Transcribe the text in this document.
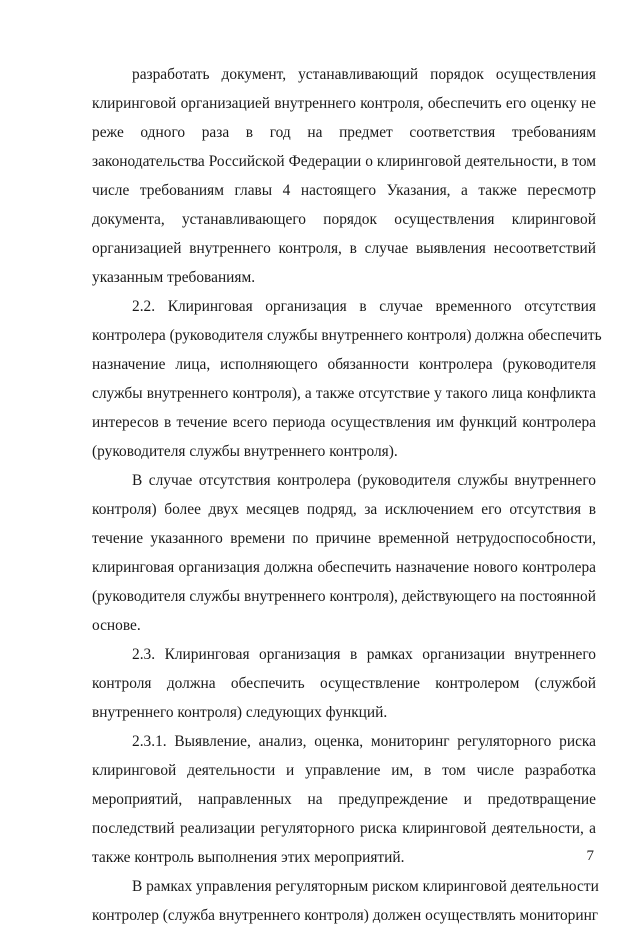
разработать документ, устанавливающий порядок осуществления
клиринговой организацией внутреннего контроля, обеспечить его оценку не
реже одного раза в год на предмет соответствия требованиям
законодательства Российской Федерации о клиринговой деятельности, в том
числе требованиям главы 4 настоящего Указания, а также пересмотр
документа, устанавливающего порядок осуществления клиринговой
организацией внутреннего контроля, в случае выявления несоответствий
указанным требованиям.
2.2. Клиринговая организация в случае временного отсутствия
контролера (руководителя службы внутреннего контроля) должна обеспечить
назначение лица, исполняющего обязанности контролера (руководителя
службы внутреннего контроля), а также отсутствие у такого лица конфликта
интересов в течение всего периода осуществления им функций контролера
(руководителя службы внутреннего контроля).
В случае отсутствия контролера (руководителя службы внутреннего
контроля) более двух месяцев подряд, за исключением его отсутствия в
течение указанного времени по причине временной нетрудоспособности,
клиринговая организация должна обеспечить назначение нового контролера
(руководителя службы внутреннего контроля), действующего на постоянной
основе.
2.3. Клиринговая организация в рамках организации внутреннего
контроля должна обеспечить осуществление контролером (службой
внутреннего контроля) следующих функций.
2.3.1. Выявление, анализ, оценка, мониторинг регуляторного риска
клиринговой деятельности и управление им, в том числе разработка
мероприятий, направленных на предупреждение и предотвращение
последствий реализации регуляторного риска клиринговой деятельности, а
также контроль выполнения этих мероприятий.
В рамках управления регуляторным риском клиринговой деятельности
контролер (служба внутреннего контроля) должен осуществлять мониторинг
7
